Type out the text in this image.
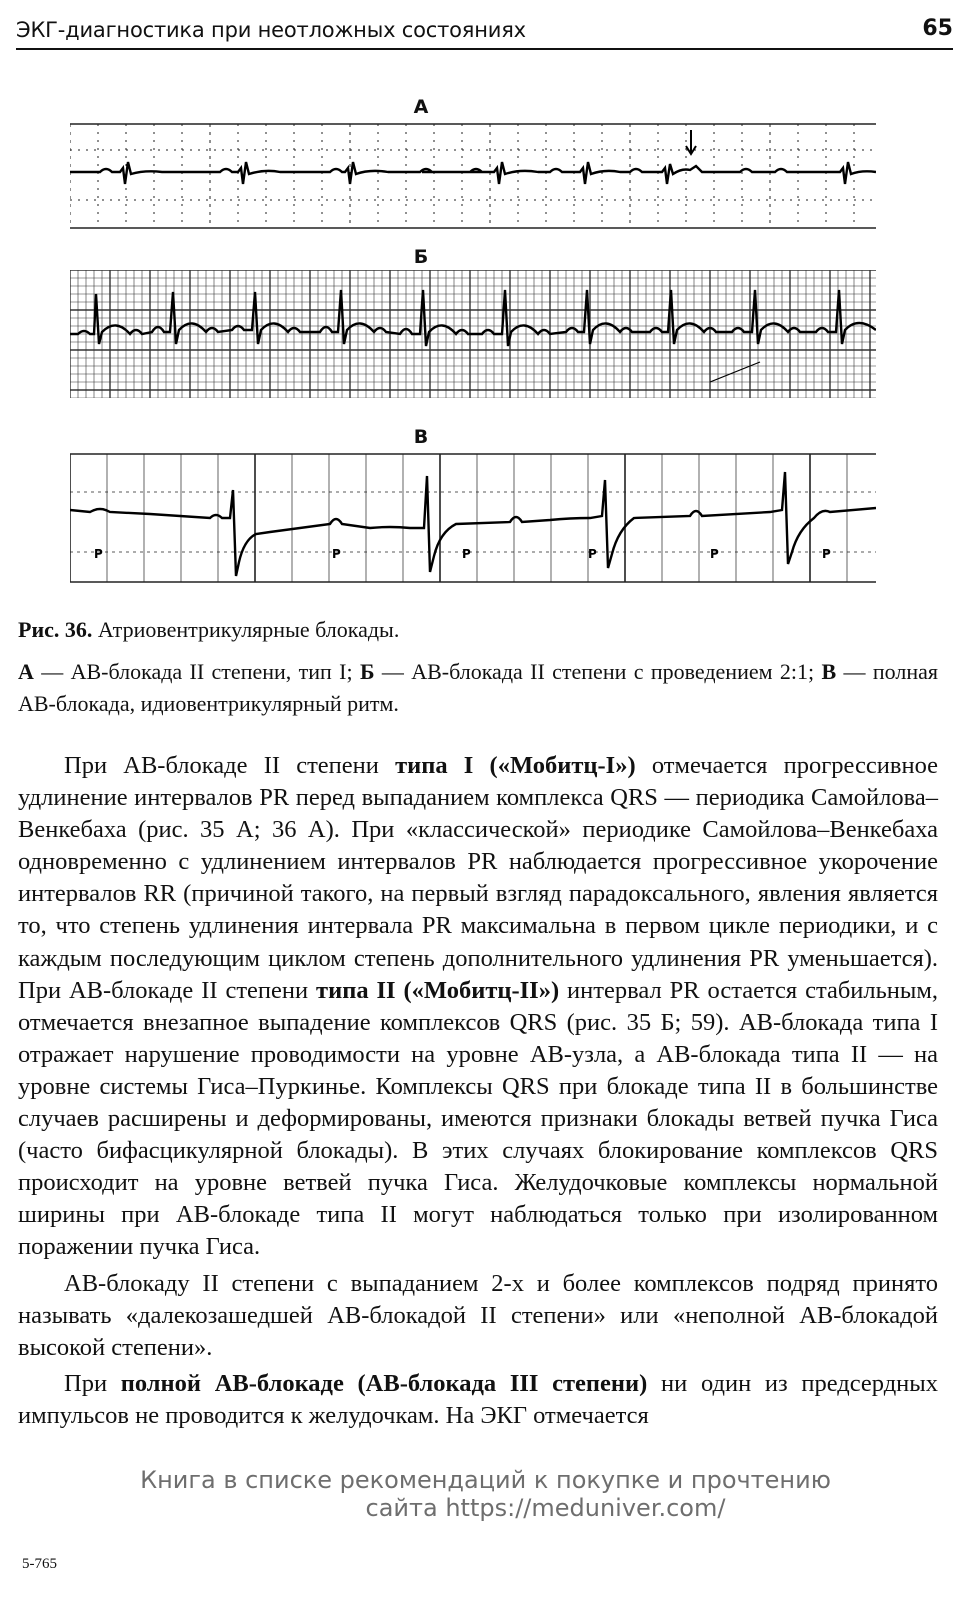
ЭКГ-диагностика при неотложных состояниях	65
А
Б
В
P	P	P	P	P	P
Рис. 36. Атриовентрикулярные блокады.
А — АВ-блокада II степени, тип I; Б — АВ-блокада II степени с проведением 2:1; В — полная АВ-блокада, идиовентрикулярный ритм.

При АВ-блокаде II степени типа I («Мобитц-I») отмечается прогрессивное удлинение интервалов PR перед выпаданием комплекса QRS — периодика Самойлова–Венкебаха (рис. 35 А; 36 А). При «классической» периодике Самойлова–Венкебаха одновременно с удлинением интервалов PR наблюдается прогрессивное укорочение интервалов RR (причиной такого, на первый взгляд парадоксального, явления является то, что степень удлинения интервала PR максимальна в первом цикле периодики, и с каждым последующим циклом степень дополнительного удлинения PR уменьшается). При АВ-блокаде II степени типа II («Мобитц-II») интервал PR остается стабильным, отмечается внезапное выпадение комплексов QRS (рис. 35 Б; 59). АВ-блокада типа I отражает нарушение проводимости на уровне АВ-узла, а АВ-блокада типа II — на уровне системы Гиса–Пуркинье. Комплексы QRS при блокаде типа II в большинстве случаев расширены и деформированы, имеются признаки блокады ветвей пучка Гиса (часто бифасцикулярной блокады). В этих случаях блокирование комплексов QRS происходит на уровне ветвей пучка Гиса. Желудочковые комплексы нормальной ширины при АВ-блокаде типа II могут наблюдаться только при изолированном поражении пучка Гиса.

АВ-блокаду II степени с выпаданием 2-х и более комплексов подряд принято называть «далекозашедшей АВ-блокадой II степени» или «неполной АВ-блокадой высокой степени».

При полной АВ-блокаде (АВ-блокада III степени) ни один из предсердных импульсов не проводится к желудочкам. На ЭКГ отмечается

Книга в списке рекомендаций к покупке и прочтению
сайта https://meduniver.com/
5-765
